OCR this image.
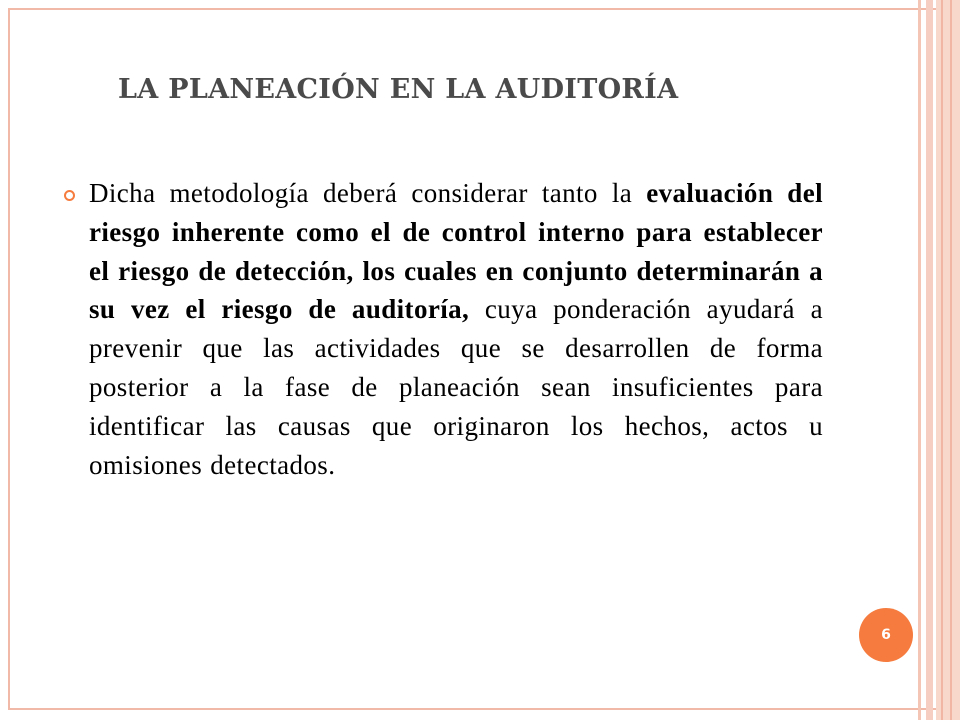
LA PLANEACIÓN EN LA AUDITORÍA

Dicha metodología deberá considerar tanto la evaluación del riesgo inherente como el de control interno para establecer el riesgo de detección, los cuales en conjunto determinarán a su vez el riesgo de auditoría, cuya ponderación ayudará a prevenir que las actividades que se desarrollen de forma posterior a la fase de planeación sean insuficientes para identificar las causas que originaron los hechos, actos u omisiones detectados.

6
